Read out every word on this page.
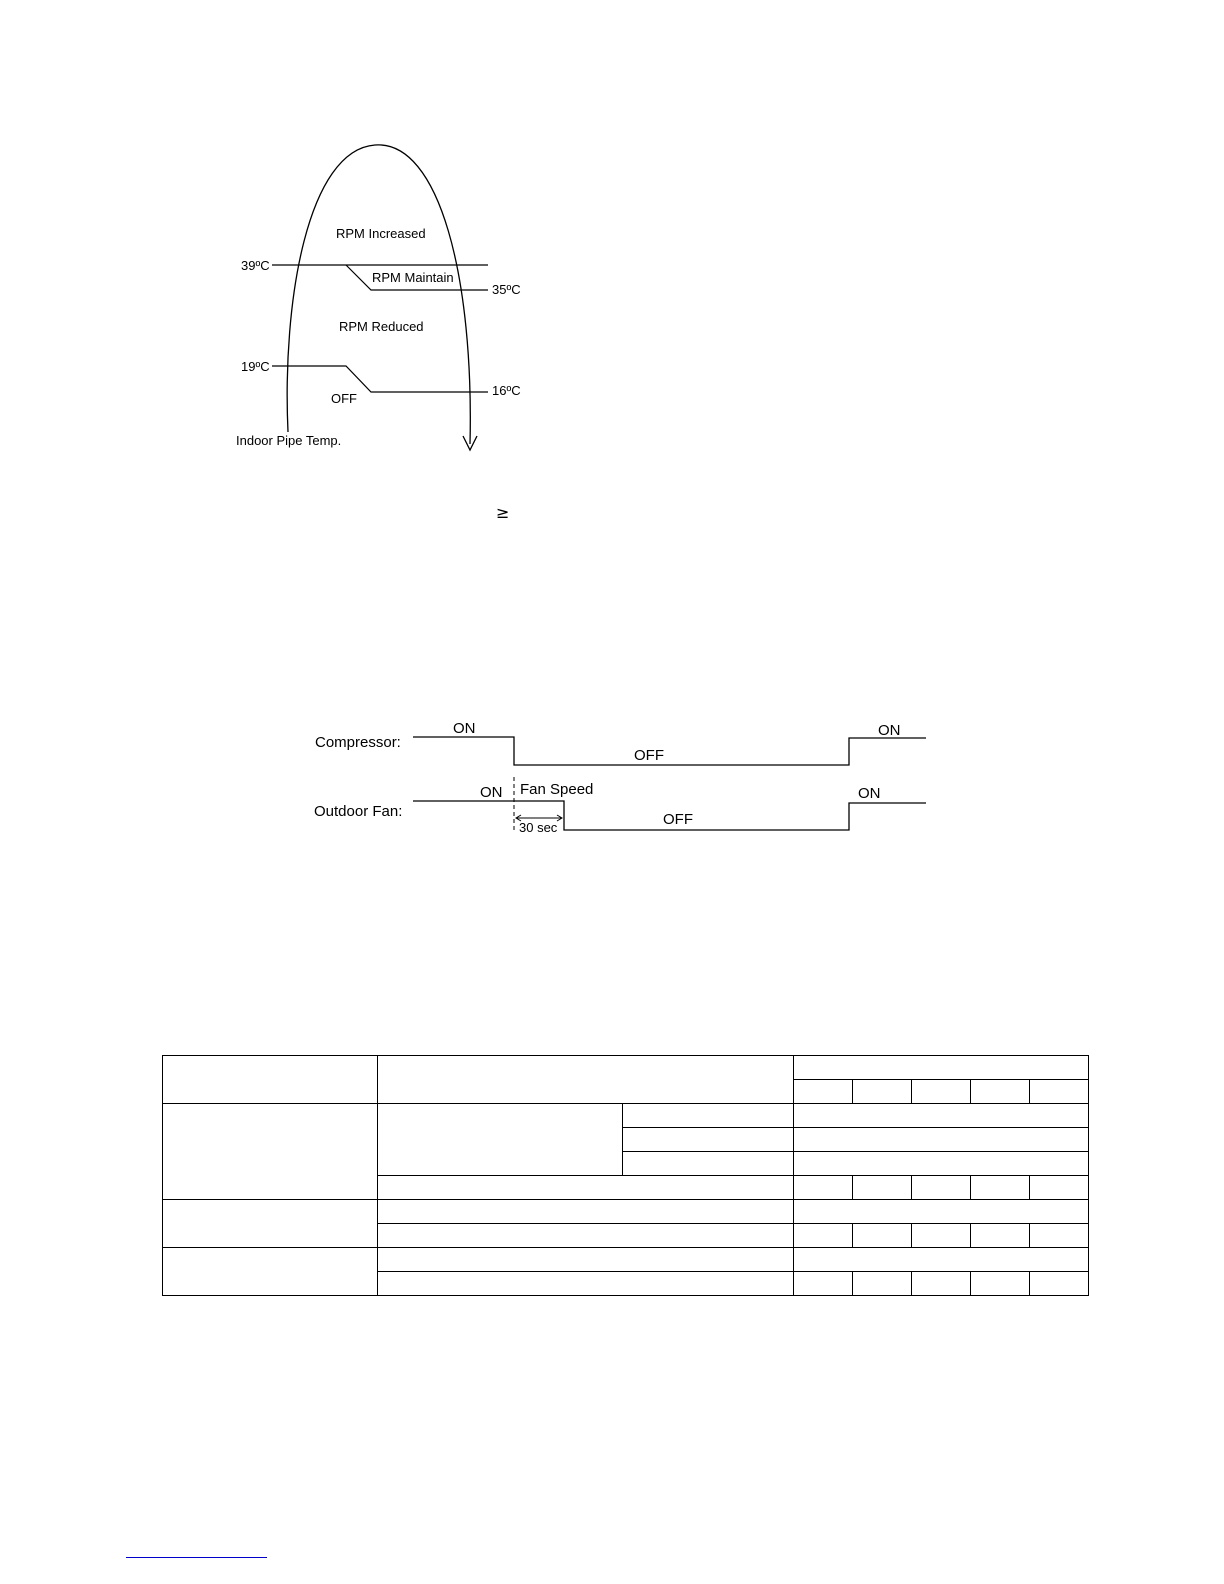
RPM Increased
39ºC
RPM Maintain
35ºC
RPM Reduced
19ºC
16ºC
OFF
Indoor Pipe Temp.
≥
Compressor:
ON
OFF
ON
Outdoor Fan:
ON Fan Speed
30 sec	OFF
ON
